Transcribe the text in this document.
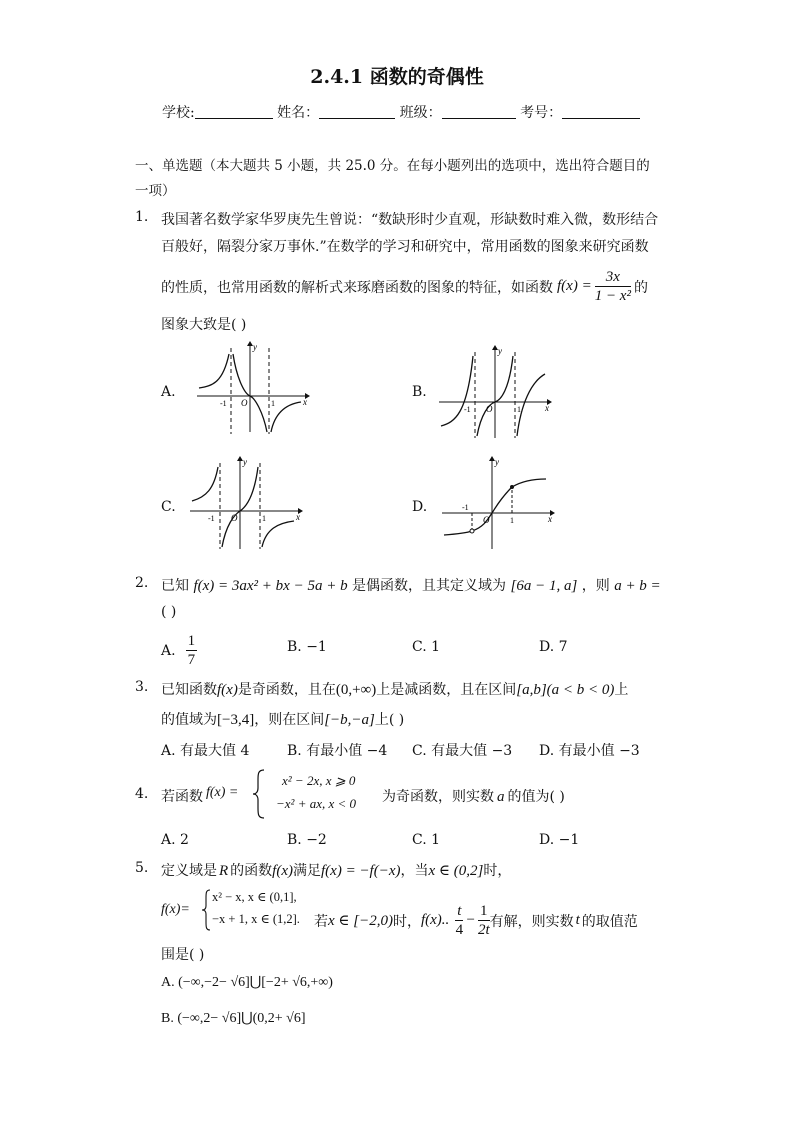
2.4.1 函数的奇偶性
学校:	姓名：	班级：	考号：
一、单选题（本大题共 5 小题，共 25.0 分。在每小题列出的选项中，选出符合题目的
一项）
1. 我国著名数学家华罗庚先生曾说：“数缺形时少直观，形缺数时难入微，数形结合
百般好，隔裂分家万事休.”在数学的学习和研究中，常用函数的图象来研究函数
的性质，也常用函数的解析式来琢磨函数的图象的特征，如函数 $f(x) = \frac{3x}{\text{1 − x²}}$ 的
图象大致是( )
A.
y
x
O
-1	1
B.
y
x
O
-1	1
C.
y
x
O
-1	1
D.
y
x
O
-1
1
2. 已知 f(x) = 3ax² + bx − 5a + b 是偶函数，且其定义域为 [6a − 1, a] ，则 a + b =
( )
A. $\frac{1}{7}$	B. −1	C. 1	D. 7
3. 已知函数f(x)是奇函数，且在(0,+∞)上是减函数，且在区间[a,b](a < b < 0)上
的值域为[−3,4]，则在区间[−b,−a]上( )
A. 有最大值 4	B. 有最小值 −4 C. 有最大值 −3 D. 有最小值 −3
4. 若函数 f(x) =
x² − 2x, x ⩾ 0
−x² + ax, x < 0 为奇函数，则实数 a 的值为( )
A. 2	B. −2	C. 1	D. −1
5. 定义域是 R 的函数f(x)满足f(x) = −f(−x)，当x ∈ (0,2]时，
f(x)=
x² − x, x ∈ (0,1],
−x + 1, x ∈ (1,2]. 若 x ∈ [−2,0) 时， f(x).. $\frac{t}{4} - \frac{1}{2t}$ 有解，则实数 t 的取值范
围是( )
A. (−∞,−2− √6]⋃[−2+ √6,+∞)
B. (−∞,2− √6]⋃(0,2+ √6]
